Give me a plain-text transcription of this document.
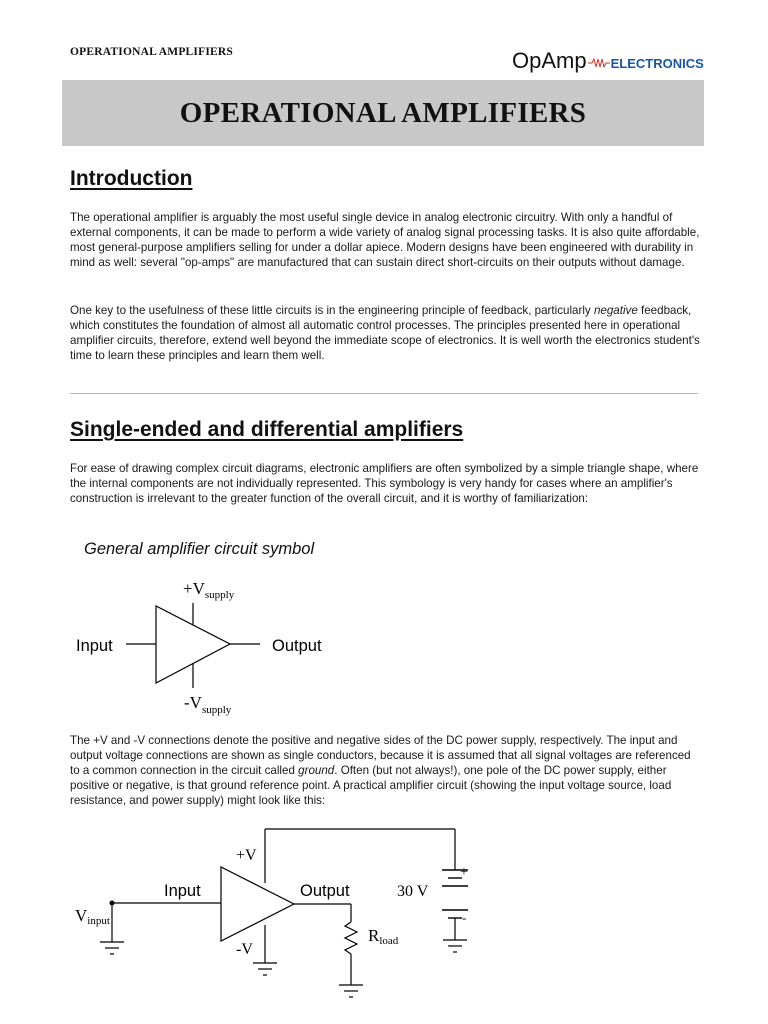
OPERATIONAL AMPLIFIERS	OpAmp ELECTRONICS
OPERATIONAL AMPLIFIERS
Introduction

The operational amplifier is arguably the most useful single device in analog electronic circuitry. With only a handful of external components, it can be made to perform a wide variety of analog signal processing tasks. It is also quite affordable, most general-purpose amplifiers selling for under a dollar apiece. Modern designs have been engineered with durability in mind as well: several "op-amps" are manufactured that can sustain direct short-circuits on their outputs without damage.

One key to the usefulness of these little circuits is in the engineering principle of feedback, particularly negative feedback, which constitutes the foundation of almost all automatic control processes. The principles presented here in operational amplifier circuits, therefore, extend well beyond the immediate scope of electronics. It is well worth the electronics student's time to learn these principles and learn them well.

Single-ended and differential amplifiers

For ease of drawing complex circuit diagrams, electronic amplifiers are often symbolized by a simple triangle shape, where the internal components are not individually represented. This symbology is very handy for cases where an amplifier's construction is irrelevant to the greater function of the overall circuit, and it is worthy of familiarization:

General amplifier circuit symbol
$+V_{supply}$
$-V_{supply}$
Input	Output

The +V and -V connections denote the positive and negative sides of the DC power supply, respectively. The input and output voltage connections are shown as single conductors, because it is assumed that all signal voltages are referenced to a common connection in the circuit called ground. Often (but not always!), one pole of the DC power supply, either positive or negative, is that ground reference point. A practical amplifier circuit (showing the input voltage source, load resistance, and power supply) might look like this:

+V
-V
Input	Output	30 V
+
-
Vinput
Rload
